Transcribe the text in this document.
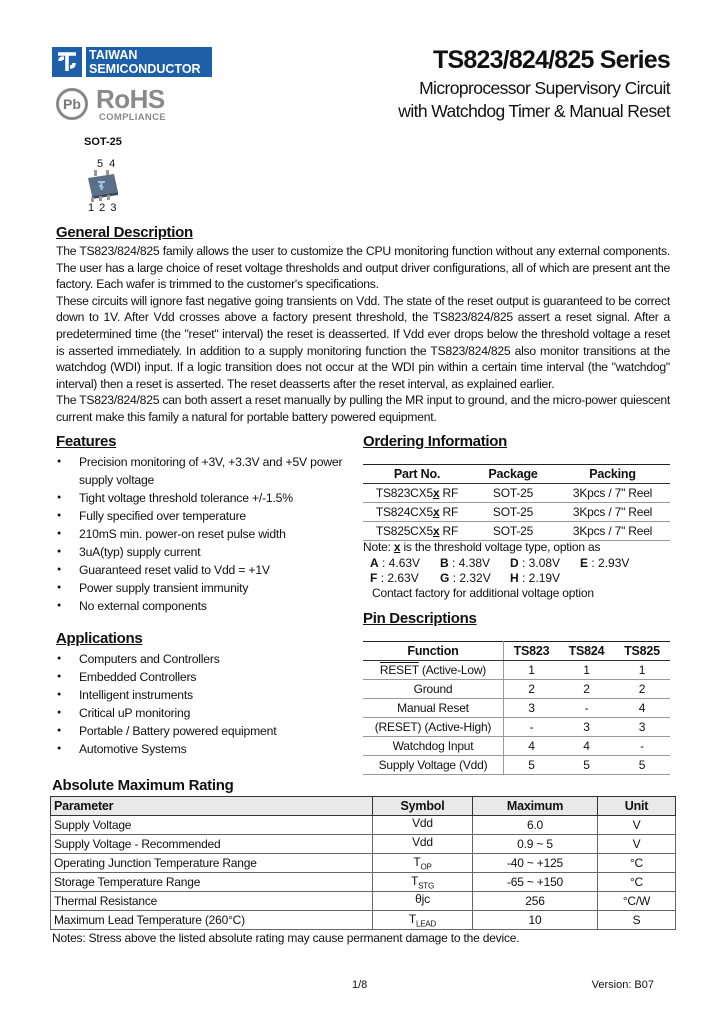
TAIWAN
SEMICONDUCTOR
Pb RoHS
COMPLIANCE
TS823/824/825 Series
Microprocessor Supervisory Circuit
with Watchdog Timer & Manual Reset
SOT-25
5 4
1 2 3
General Description

The TS823/824/825 family allows the user to customize the CPU monitoring function without any external components. The user has a large choice of reset voltage thresholds and output driver configurations, all of which are present ant the factory. Each wafer is trimmed to the customer's specifications.

These circuits will ignore fast negative going transients on Vdd. The state of the reset output is guaranteed to be correct down to 1V. After Vdd crosses above a factory present threshold, the TS823/824/825 assert a reset signal. After a predetermined time (the "reset" interval) the reset is deasserted. If Vdd ever drops below the threshold voltage a reset is asserted immediately. In addition to a supply monitoring function the TS823/824/825 also monitor transitions at the watchdog (WDI) input. If a logic transition does not occur at the WDI pin within a certain time interval (the "watchdog" interval) then a reset is asserted. The reset deasserts after the reset interval, as explained earlier.

The TS823/824/825 can both assert a reset manually by pulling the MR input to ground, and the micro-power quiescent current make this family a natural for portable battery powered equipment.

Features
● Precision monitoring of +3V, +3.3V and +5V power
supply voltage
● Tight voltage threshold tolerance +/-1.5%
● Fully specified over temperature
● 210mS min. power-on reset pulse width
● 3uA(typ) supply current
● Guaranteed reset valid to Vdd = +1V
● Power supply transient immunity
● No external components
Applications
● Computers and Controllers
● Embedded Controllers
● Intelligent instruments
● Critical uP monitoring
● Portable / Battery powered equipment
● Automotive Systems
Ordering Information
Part No.	Package	Packing
TS823CX5x RF	SOT-25	3Kpcs / 7" Reel
TS824CX5x RF	SOT-25	3Kpcs / 7" Reel
TS825CX5x RF	SOT-25	3Kpcs / 7" Reel
Note: x is the threshold voltage type, option as
A : 4.63V B : 4.38V D : 3.08V E : 2.93V
F : 2.63V G : 2.32V H : 2.19V
Contact factory for additional voltage option
Pin Descriptions
Function	TS823	TS824	TS825
RESET (Active-Low)	1	1	1
Ground	2	2	2
Manual Reset	3	-	4
(RESET) (Active-High)	-	3	3
Watchdog Input	4	4	-
Supply Voltage (Vdd)	5	5	5
Absolute Maximum Rating
Parameter	Symbol	Maximum	Unit
Supply Voltage	Vdd	6.0	V
Supply Voltage - Recommended	Vdd	0.9 ~ 5	V
Operating Junction Temperature Range	$T_{OP}$	-40 ~ +125	°C
Storage Temperature Range	$T_{STG}$	-65 ~ +150	°C
Thermal Resistance	θjc	256	°C/W
Maximum Lead Temperature (260°C)	$T_{LEAD}$	10	S
Notes: Stress above the listed absolute rating may cause permanent damage to the device.
1/8	Version: B07
